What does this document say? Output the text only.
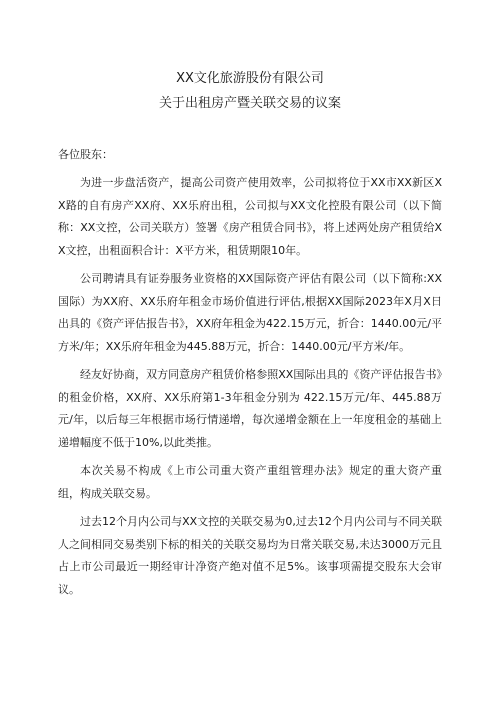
XX文化旅游股份有限公司
关于出租房产暨关联交易的议案

各位股东：

为进一步盘活资产，提高公司资产使用效率，公司拟将位于XX市XX新区XX路的自有房产XX府、XX乐府出租，公司拟与XX文化控股有限公司（以下简称：XX文控，公司关联方）签署《房产租赁合同书》，将上述两处房产租赁给XX文控，出租面积合计：X平方米，租赁期限10年。

公司聘请具有证券服务业资格的XX国际资产评估有限公司（以下简称:XX国际）为XX府、XX乐府年租金市场价值进行评估,根据XX国际2023年X月X日出具的《资产评估报告书》，XX府年租金为422.15万元，折合：1440.00元/平方米/年；XX乐府年租金为445.88万元，折合：1440.00元/平方米/年。

经友好协商，双方同意房产租赁价格参照XX国际出具的《资产评估报告书》的租金价格，XX府、XX乐府第1-3年租金分别为 422.15万元/年、445.88万元/年，以后每三年根据市场行情递增，每次递增金额在上一年度租金的基础上递增幅度不低于10%,以此类推。

本次关易不构成《上市公司重大资产重组管理办法》规定的重大资产重组，构成关联交易。

过去12个月内公司与XX文控的关联交易为0,过去12个月内公司与不同关联人之间相同交易类别下标的相关的关联交易均为日常关联交易,未达3000万元且占上市公司最近一期经审计净资产绝对值不足5%。该事项需提交股东大会审议。
